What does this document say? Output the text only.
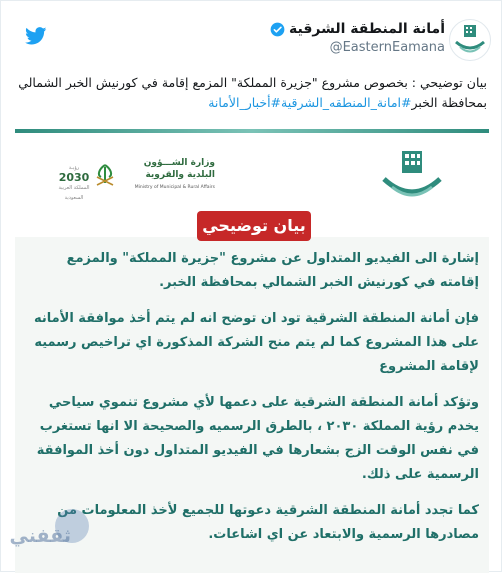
أمانة المنطقة الشرقية
@EasternEamana
بيان توضيحي : بخصوص مشروع "جزيرة المملكة" المزمع إقامة في كورنيش الخبر الشمالي بمحافظة الخبر#امانة_المنطقه_الشرقية#أخبار_الأمانة
رؤيـة
2030
المملكة العربية السعودية
وزارة الشـــؤون البلدية والقروية
Ministry of Municipal & Rural Affairs
بيان توضيحي

إشارة الى الفيديو المتداول عن مشروع "جزيرة المملكة" والمزمع إقامته في كورنيش الخبر الشمالي بمحافظة الخبر.

فإن أمانة المنطقة الشرقية تود ان توضح انه لم يتم أخذ موافقة الأمانه على هذا المشروع كما لم يتم منح الشركة المذكورة اي تراخيص رسميه لإقامة المشروع

وتؤكد أمانة المنطقة الشرقية على دعمها لأي مشروع تنموي سياحي يخدم رؤية المملكة ٢٠٣٠ ، بالطرق الرسميه والصحيحة الا انها تستغرب في نفس الوقت الزج بشعارها في الفيديو المتداول دون أخذ الموافقة الرسمية على ذلك.

كما تجدد أمانة المنطقة الشرقية دعوتها للجميع لأخذ المعلومات من مصادرها الرسمية والابتعاد عن اي اشاعات.

ثقفني
